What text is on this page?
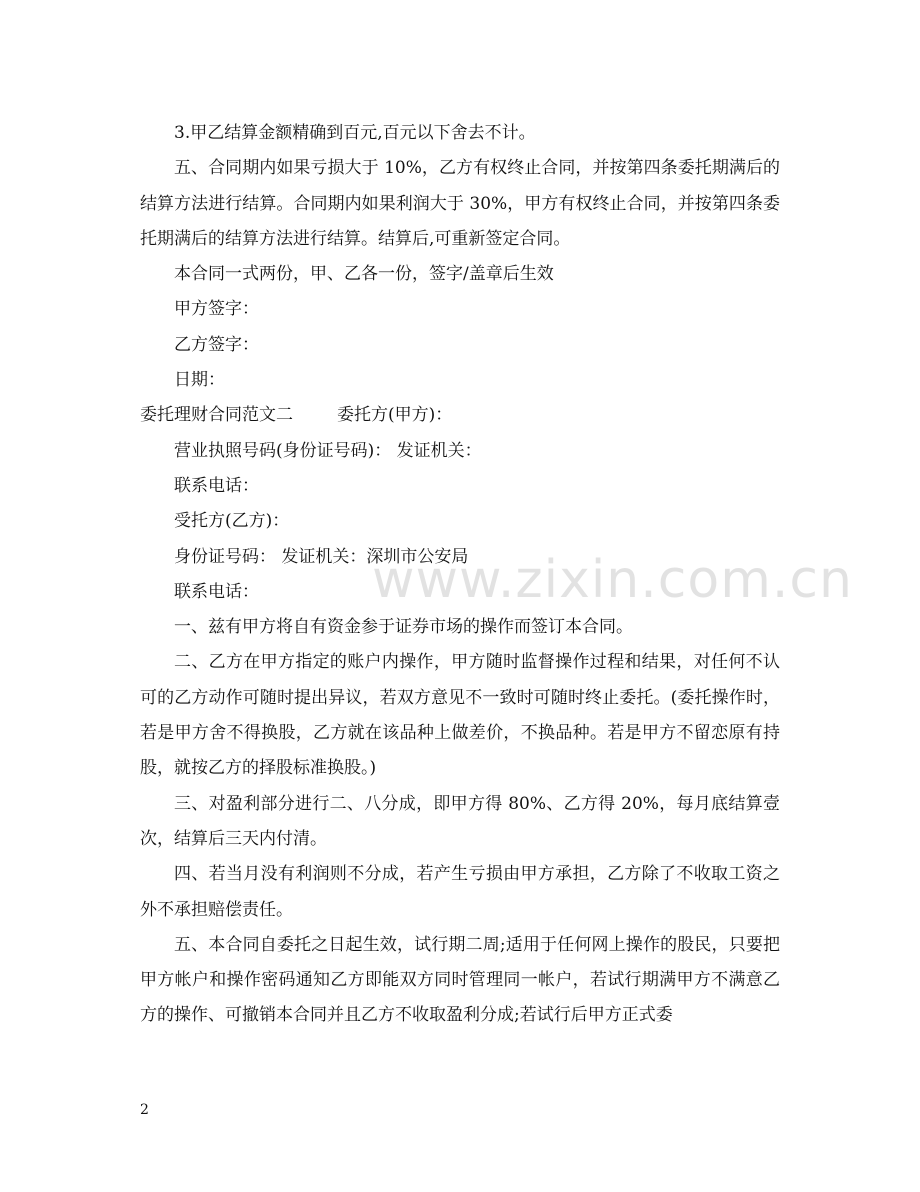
www.zixin.com.cn

3.甲乙结算金额精确到百元,百元以下舍去不计。

五、合同期内如果亏损大于 10%，乙方有权终止合同，并按第四条委托期满后的结算方法进行结算。合同期内如果利润大于 30%，甲方有权终止合同，并按第四条委托期满后的结算方法进行结算。结算后,可重新签定合同。

本合同一式两份，甲、乙各一份，签字/盖章后生效

甲方签字：

乙方签字：

日期：

委托理财合同范文二	委托方(甲方)：

营业执照号码(身份证号码)： 发证机关：

联系电话：

受托方(乙方)：

身份证号码： 发证机关：深圳市公安局

联系电话：

一、兹有甲方将自有资金参于证券市场的操作而签订本合同。

二、乙方在甲方指定的账户内操作，甲方随时监督操作过程和结果，对任何不认可的乙方动作可随时提出异议，若双方意见不一致时可随时终止委托。(委托操作时，若是甲方舍不得换股，乙方就在该品种上做差价，不换品种。若是甲方不留恋原有持股，就按乙方的择股标准换股。)

三、对盈利部分进行二、八分成，即甲方得 80%、乙方得 20%，每月底结算壹次，结算后三天内付清。

四、若当月没有利润则不分成，若产生亏损由甲方承担，乙方除了不收取工资之外不承担赔偿责任。

五、本合同自委托之日起生效，试行期二周;适用于任何网上操作的股民，只要把甲方帐户和操作密码通知乙方即能双方同时管理同一帐户，若试行期满甲方不满意乙方的操作、可撤销本合同并且乙方不收取盈利分成;若试行后甲方正式委

2
